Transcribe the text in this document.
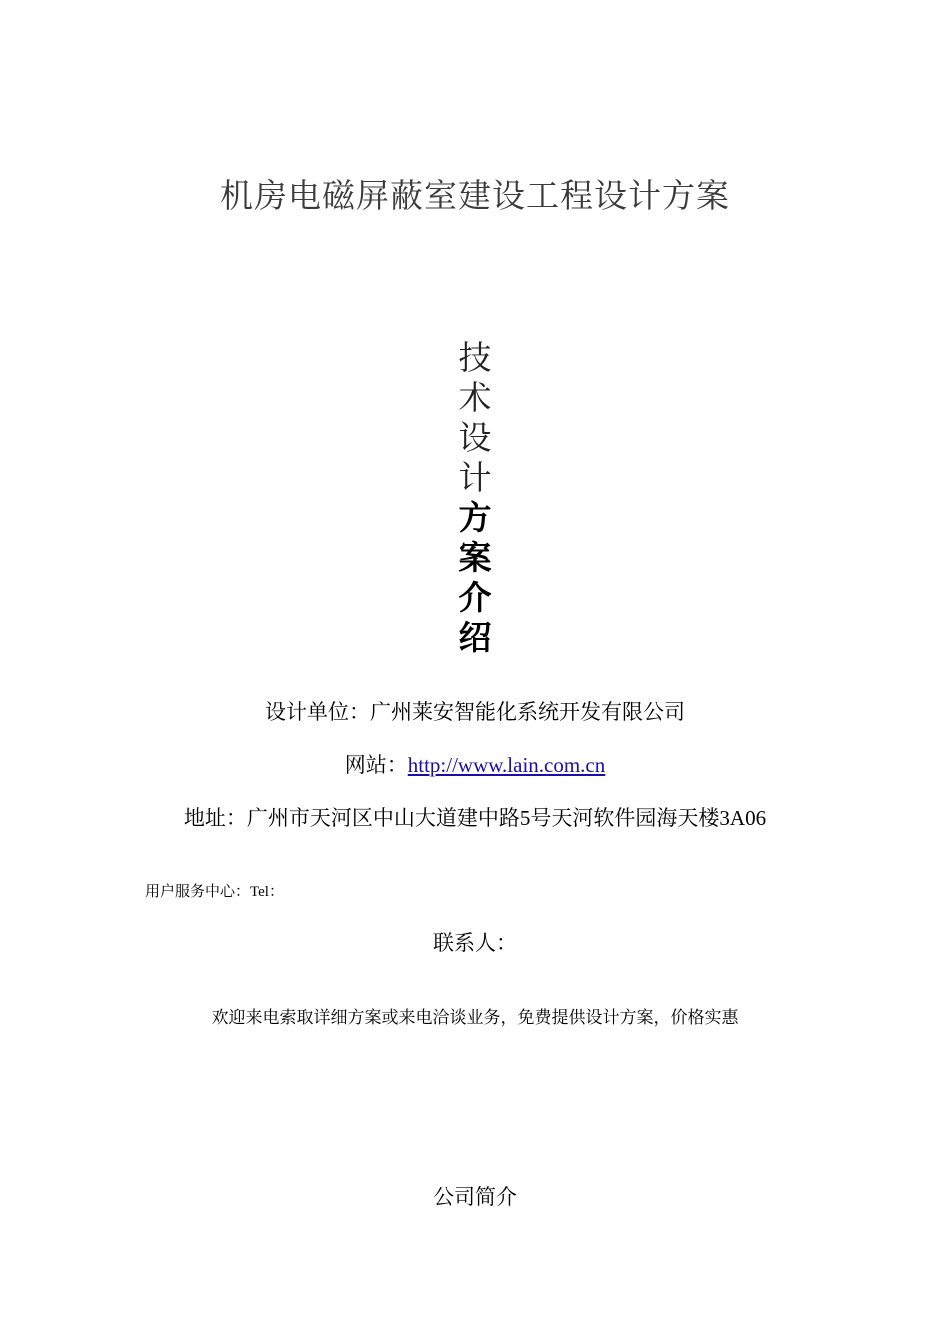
机房电磁屏蔽室建设工程设计方案
技
术
设
计
方
案
介
绍
设计单位：广州莱安智能化系统开发有限公司
网站：http://www.lain.com.cn
地址：广州市天河区中山大道建中路5号天河软件园海天楼3A06
用户服务中心：Tel：
联系人：
欢迎来电索取详细方案或来电洽谈业务，免费提供设计方案，价格实惠
公司简介
